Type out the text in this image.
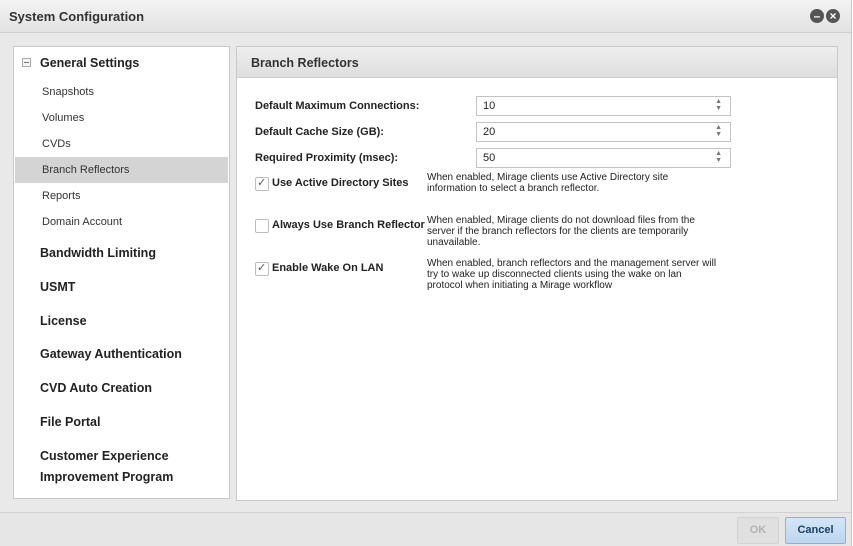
System Configuration	– ×
General Settings
Snapshots
Volumes
CVDs
Branch Reflectors
Reports
Domain Account
Bandwidth Limiting
USMT
License
Gateway Authentication
CVD Auto Creation
File Portal
Customer Experience
Improvement Program
Branch Reflectors
Default Maximum Connections:	10	▲
▼
Default Cache Size (GB):	20	▲
▼
Required Proximity (msec):	50	▲
▼
✓ Use Active Directory Sites When enabled, Mirage clients use Active Directory site
information to select a branch reflector.
Always Use Branch Reflector When enabled, Mirage clients do not download files from the
server if the branch reflectors for the clients are temporarily
unavailable.
✓ Enable Wake On LAN	When enabled, branch reflectors and the management server will
try to wake up disconnected clients using the wake on lan
protocol when initiating a Mirage workflow
OK	Cancel
